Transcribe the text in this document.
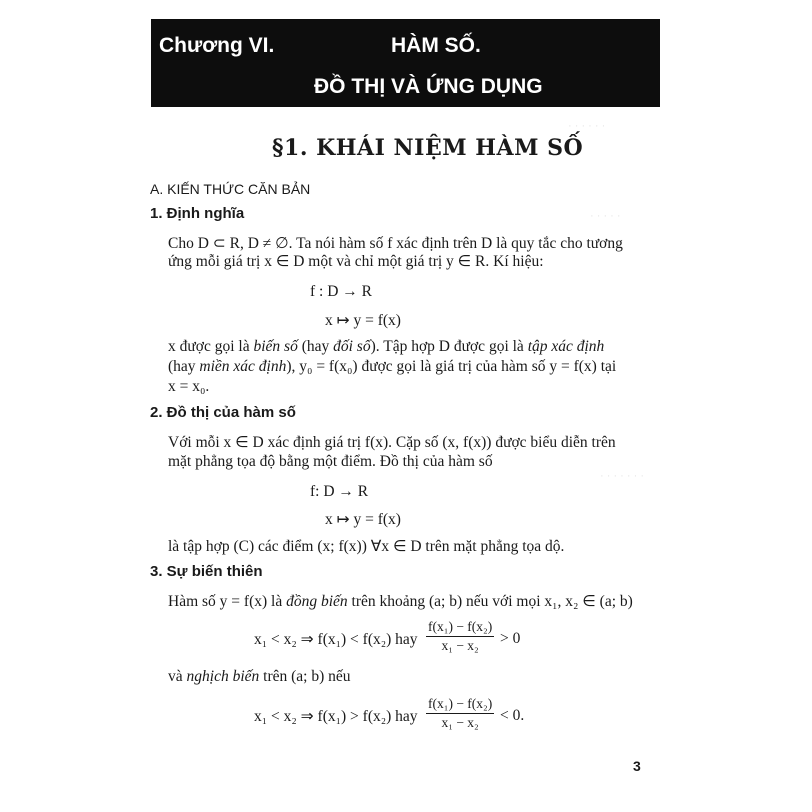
· · · · · ·
· · · · ·
· · · · · · ·
Chương VI.	HÀM SỐ.
ĐỒ THỊ VÀ ỨNG DỤNG
§1. KHÁI NIỆM HÀM SỐ
A. KIẾN THỨC CĂN BẢN
1. Định nghĩa
Cho D ⊂ R, D ≠ ∅. Ta nói hàm số f xác định trên D là quy tắc cho tương
ứng mỗi giá trị x ∈ D một và chỉ một giá trị y ∈ R. Kí hiệu:
f : D → R
x ↦ y = f(x)
x được gọi là biến số (hay đối số). Tập hợp D được gọi là tập xác định
(hay miền xác định), y₀ = f(x₀) được gọi là giá trị của hàm số y = f(x) tại
x = x₀.
2. Đồ thị của hàm số
Với mỗi x ∈ D xác định giá trị f(x). Cặp số (x, f(x)) được biểu diễn trên
mặt phẳng tọa độ bằng một điểm. Đồ thị của hàm số
f: D → R
x ↦ y = f(x)
là tập hợp (C) các điểm (x; f(x)) ∀x ∈ D trên mặt phẳng tọa dộ.
3. Sự biến thiên
Hàm số y = f(x) là đồng biến trên khoảng (a; b) nếu với mọi x₁, x₂ ∈ (a; b)
x₁ < x₂ ⇒ f(x₁) < f(x₂) hay $\frac{\text{f(x₁) − f(x₂)}}{\text{x₁ − x₂}} > 0$
và nghịch biến trên (a; b) nếu
x₁ < x₂ ⇒ f(x₁) > f(x₂) hay $\frac{\text{f(x₁) − f(x₂)}}{\text{x₁ − x₂}} < 0$.
3
